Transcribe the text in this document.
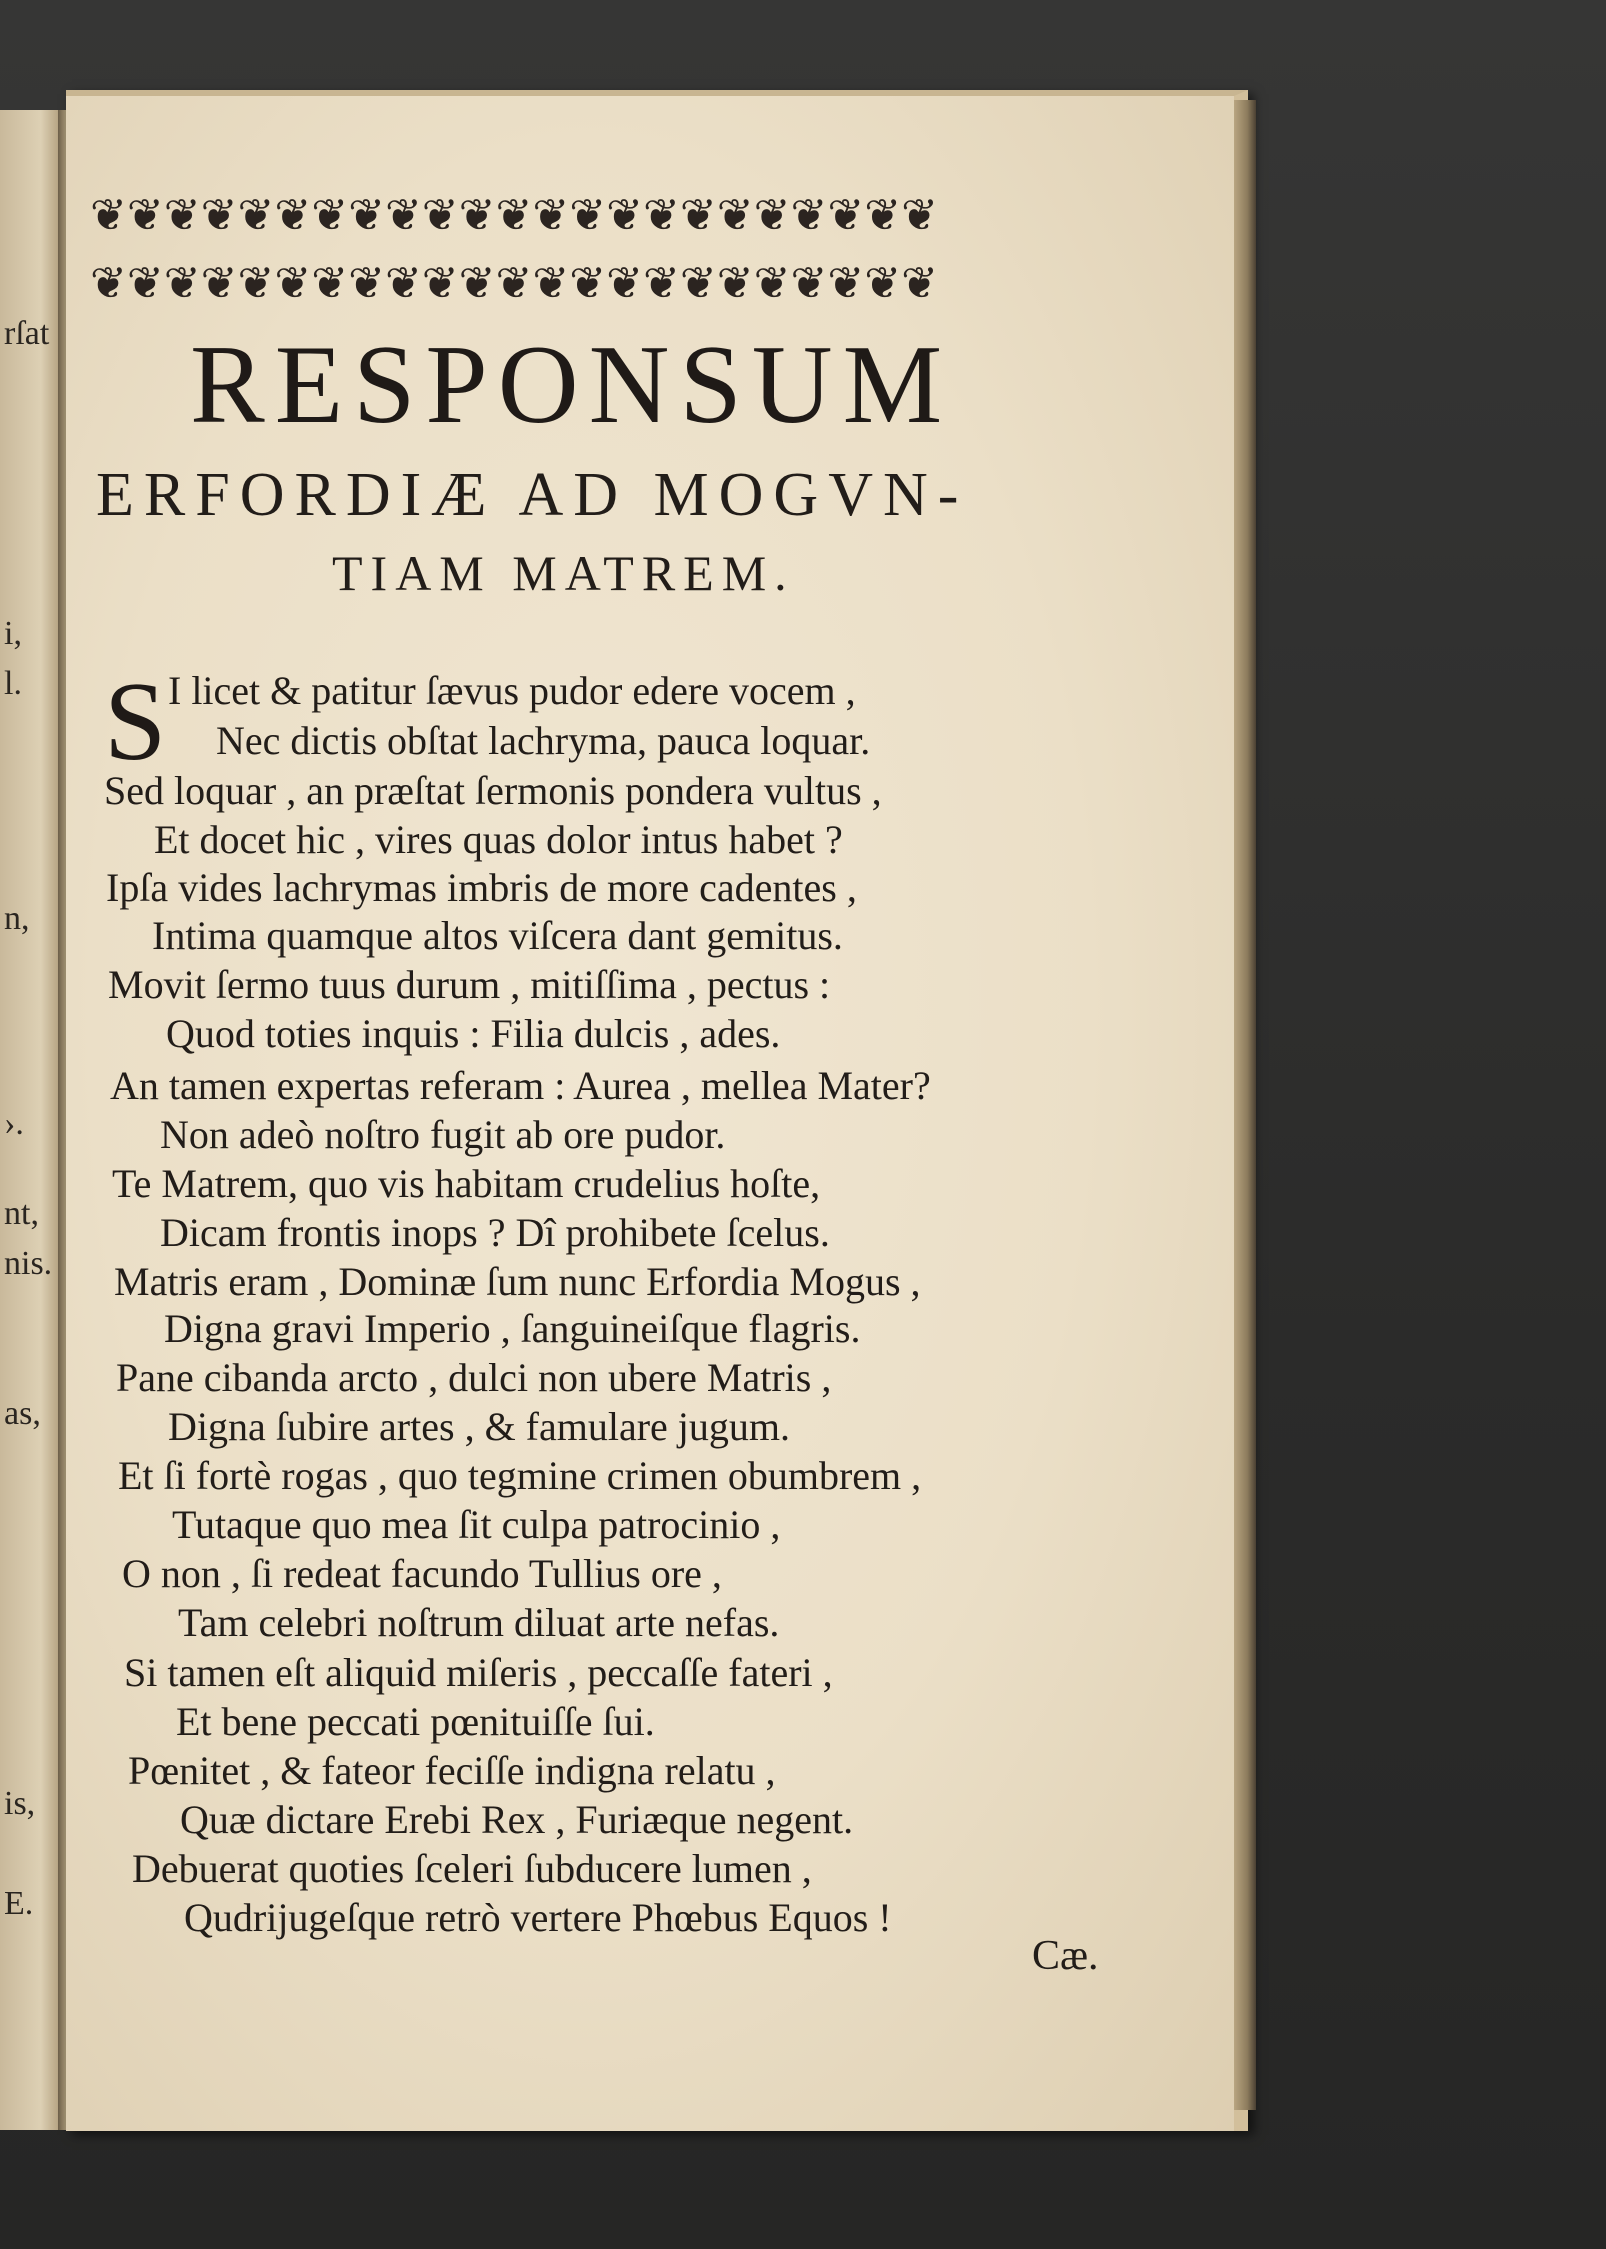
rſat
i,
l.
n,
›.
nt,
nis.
as,
is,
E.
❦❦❦❦❦❦❦❦❦❦❦❦❦❦❦❦❦❦❦❦❦❦❦
❦❦❦❦❦❦❦❦❦❦❦❦❦❦❦❦❦❦❦❦❦❦❦
RESPONSUM
ERFORDIÆ AD MOGVN-
TIAM MATREM.
S I licet & patitur ſævus pudor edere vocem ,
Nec dictis obſtat lachryma, pauca loquar.
Sed loquar , an præſtat ſermonis pondera vultus ,
Et docet hic , vires quas dolor intus habet ?
Ipſa vides lachrymas imbris de more cadentes ,
Intima quamque altos viſcera dant gemitus.
Movit ſermo tuus durum , mitiſſima , pectus :
Quod toties inquis : Filia dulcis , ades.
An tamen expertas referam : Aurea , mellea Mater?
Non adeò noſtro fugit ab ore pudor.
Te Matrem, quo vis habitam crudelius hoſte,
Dicam frontis inops ? Dî prohibete ſcelus.
Matris eram , Dominæ ſum nunc Erfordia Mogus ,
Digna gravi Imperio , ſanguineiſque flagris.
Pane cibanda arcto , dulci non ubere Matris ,
Digna ſubire artes , & famulare jugum.
Et ſi fortè rogas , quo tegmine crimen obumbrem ,
Tutaque quo mea ſit culpa patrocinio ,
O non , ſi redeat facundo Tullius ore ,
Tam celebri noſtrum diluat arte nefas.
Si tamen eſt aliquid miſeris , peccaſſe fateri ,
Et bene peccati pœnituiſſe ſui.
Pœnitet , & fateor feciſſe indigna relatu ,
Quæ dictare Erebi Rex , Furiæque negent.
Debuerat quoties ſceleri ſubducere lumen ,
Qudrijugeſque retrò vertere Phœbus Equos !
Cæ.
